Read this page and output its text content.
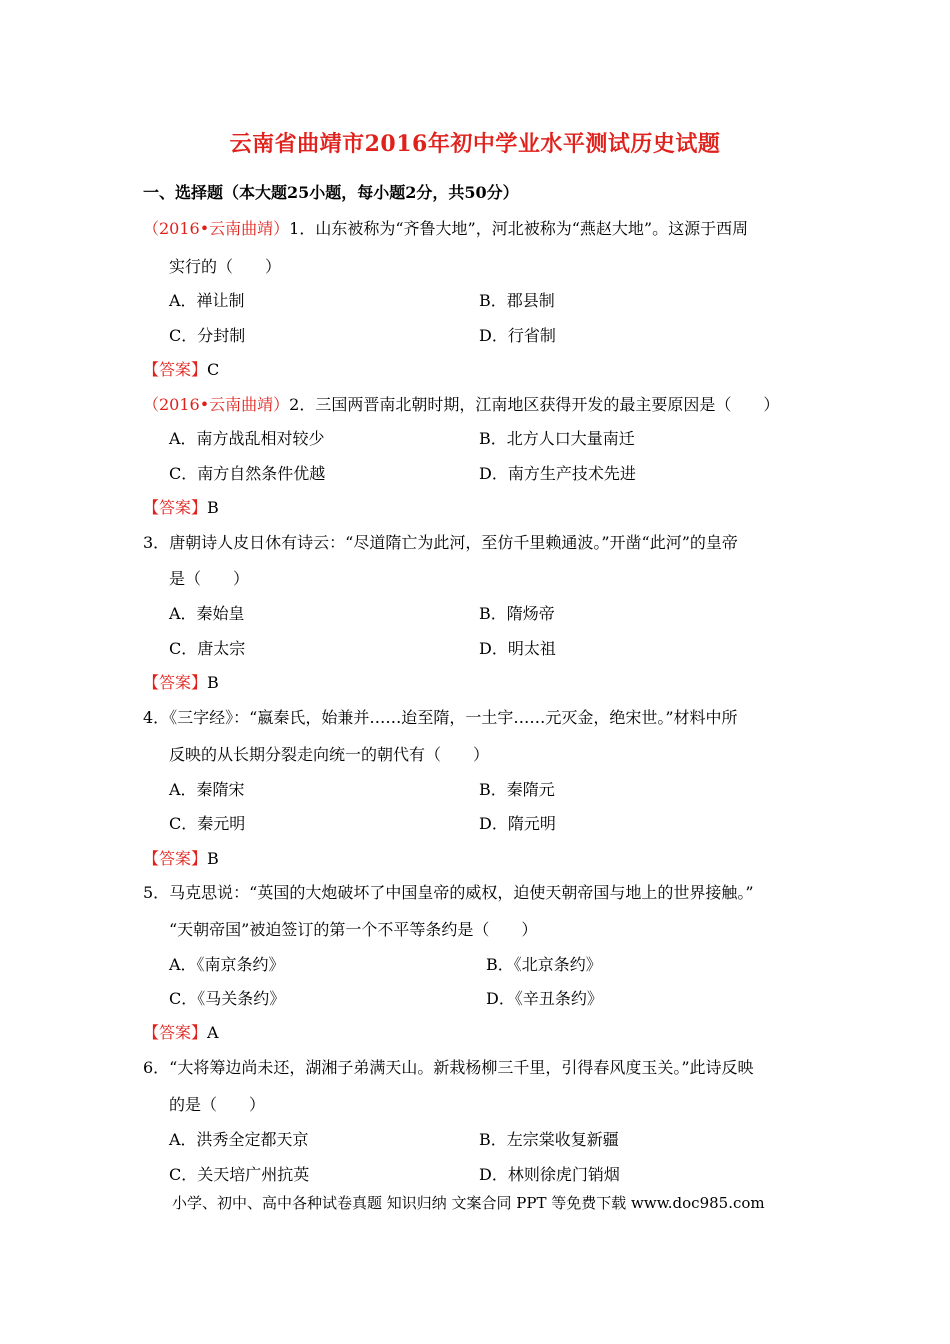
云南省曲靖市2016年初中学业水平测试历史试题
一、选择题（本大题25小题，每小题2分，共50分）
（2016•云南曲靖）1．山东被称为“齐鲁大地”，河北被称为“燕赵大地”。这源于西周
实行的（　　）
A．禅让制	B．郡县制
C．分封制	D．行省制
【答案】C
（2016•云南曲靖）2．三国两晋南北朝时期，江南地区获得开发的最主要原因是（　　）
A．南方战乱相对较少	B．北方人口大量南迁
C．南方自然条件优越	D．南方生产技术先进
【答案】B
3．唐朝诗人皮日休有诗云：“尽道隋亡为此河，至仿千里赖通波。”开凿“此河”的皇帝
是（　　）
A．秦始皇	B．隋炀帝
C．唐太宗	D．明太祖
【答案】B
4．《三字经》：“嬴秦氏，始兼并……迨至隋，一土宇……元灭金，绝宋世。”材料中所
反映的从长期分裂走向统一的朝代有（　　）
A．秦隋宋	B．秦隋元
C．秦元明	D．隋元明
【答案】B
5．马克思说：“英国的大炮破坏了中国皇帝的威权，迫使天朝帝国与地上的世界接触。”
“天朝帝国”被迫签订的第一个不平等条约是（　　）
A．《南京条约》	B．《北京条约》
C．《马关条约》	D．《辛丑条约》
【答案】A
6．“大将筹边尚未还，湖湘子弟满天山。新栽杨柳三千里，引得春风度玉关。”此诗反映
的是（　　）
A．洪秀全定都天京	B．左宗棠收复新疆
C．关天培广州抗英	D．林则徐虎门销烟
小学、初中、高中各种试卷真题 知识归纳 文案合同 PPT 等免费下载 www.doc985.com
